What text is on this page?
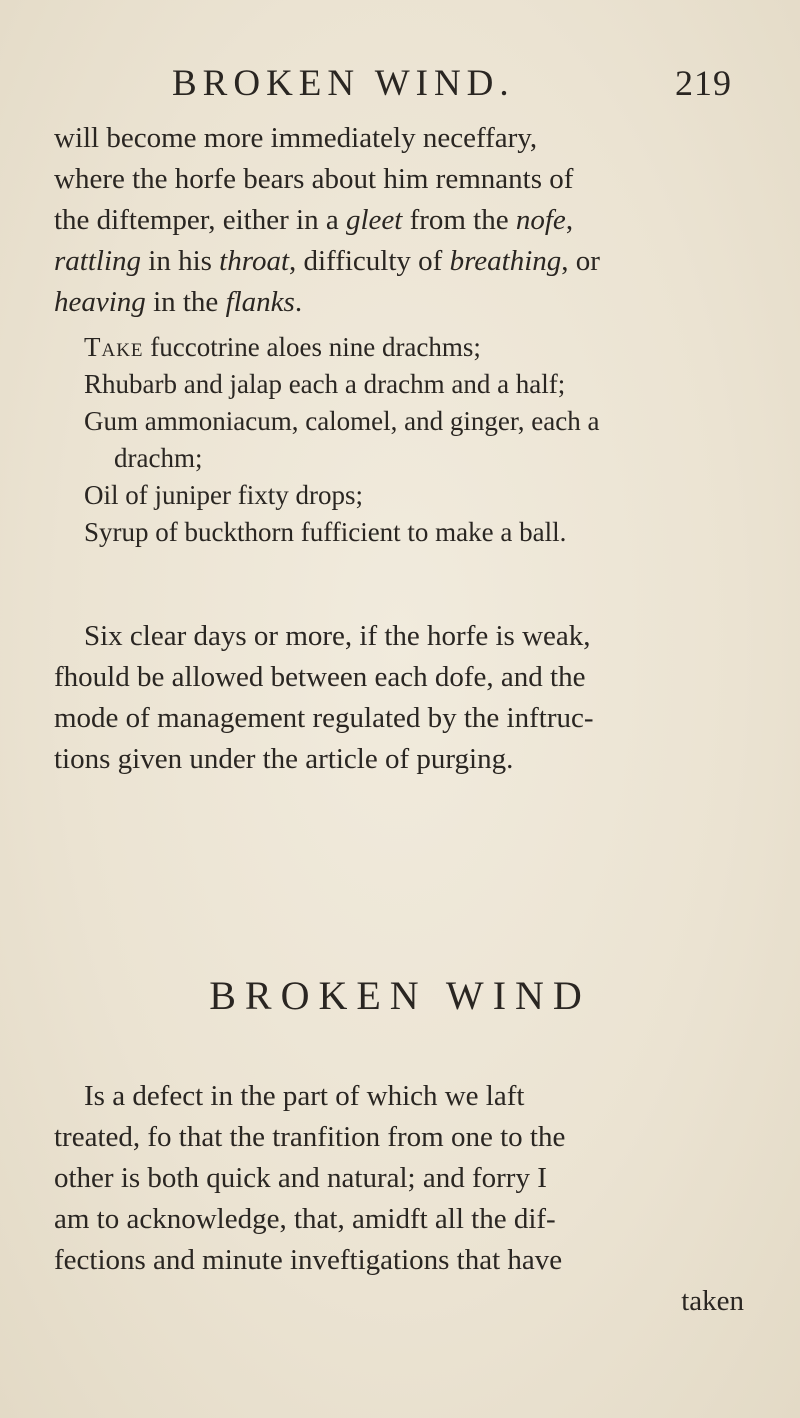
BROKEN WIND.	219
will become more immediately neceffary,
where the horfe bears about him remnants of
the diftemper, either in a gleet from the nofe,
rattling in his throat, difficulty of breathing, or
heaving in the flanks.
Take fuccotrine aloes nine drachms;
Rhubarb and jalap each a drachm and a half;
Gum ammoniacum, calomel, and ginger, each a
drachm;
Oil of juniper fixty drops;
Syrup of buckthorn fufficient to make a ball.
Six clear days or more, if the horfe is weak,
fhould be allowed between each dofe, and the
mode of management regulated by the inftruc-
tions given under the article of purging.
BROKEN WIND
Is a defect in the part of which we laft
treated, fo that the tranfition from one to the
other is both quick and natural; and forry I
am to acknowledge, that, amidft all the dif-
fections and minute inveftigations that have
taken
